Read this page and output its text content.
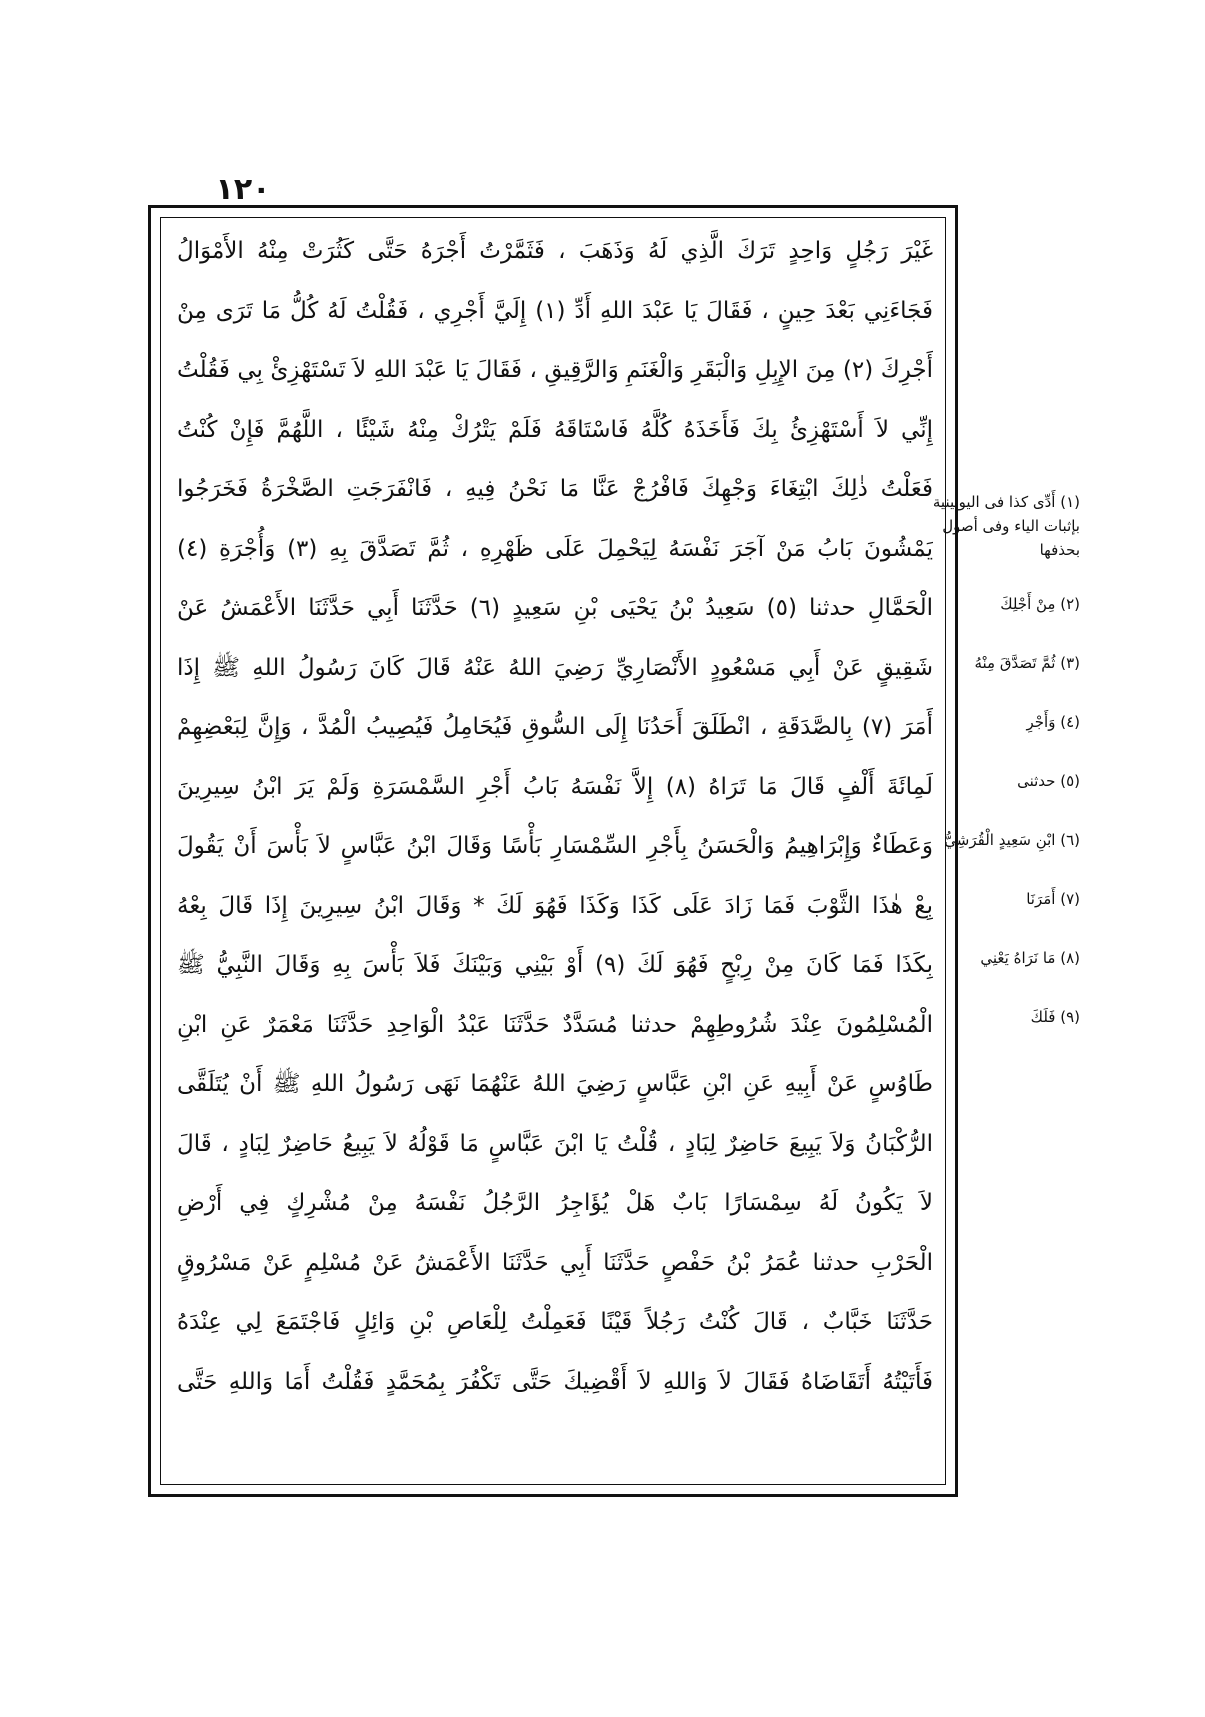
١٢٠
غَيْرَ رَجُلٍ وَاحِدٍ تَرَكَ الَّذِي لَهُ وَذَهَبَ ، فَثَمَّرْتُ أَجْرَهُ حَتَّى كَثُرَتْ مِنْهُ الأَمْوَالُ
فَجَاءَنِي بَعْدَ حِينٍ ، فَقَالَ يَا عَبْدَ اللهِ أَدِّ (١) إِلَيَّ أَجْرِي ، فَقُلْتُ لَهُ كُلُّ مَا تَرَى مِنْ
أَجْرِكَ (٢) مِنَ الإِبِلِ وَالْبَقَرِ وَالْغَنَمِ وَالرَّقِيقِ ، فَقَالَ يَا عَبْدَ اللهِ لاَ تَسْتَهْزِئْ بِي فَقُلْتُ
إِنِّي لاَ أَسْتَهْزِئُ بِكَ فَأَخَذَهُ كُلَّهُ فَاسْتَاقَهُ فَلَمْ يَتْرُكْ مِنْهُ شَيْئًا ، اللَّهُمَّ فَإِنْ كُنْتُ
فَعَلْتُ ذٰلِكَ ابْتِغَاءَ وَجْهِكَ فَافْرُجْ عَنَّا مَا نَحْنُ فِيهِ ، فَانْفَرَجَتِ الصَّخْرَةُ فَخَرَجُوا
يَمْشُونَ بَابُ مَنْ آجَرَ نَفْسَهُ لِيَحْمِلَ عَلَى ظَهْرِهِ ، ثُمَّ تَصَدَّقَ بِهِ (٣) وَأُجْرَةِ (٤)
الْحَمَّالِ حدثنا (٥) سَعِيدُ بْنُ يَحْيَى بْنِ سَعِيدٍ (٦) حَدَّثَنَا أَبِي حَدَّثَنَا الأَعْمَشُ عَنْ
شَقِيقٍ عَنْ أَبِي مَسْعُودٍ الأَنْصَارِيِّ رَضِيَ اللهُ عَنْهُ قَالَ كَانَ رَسُولُ اللهِ ﷺ إِذَا
أَمَرَ (٧) بِالصَّدَقَةِ ، انْطَلَقَ أَحَدُنَا إِلَى السُّوقِ فَيُحَامِلُ فَيُصِيبُ الْمُدَّ ، وَإِنَّ لِبَعْضِهِمْ
لَمِائَةَ أَلْفٍ قَالَ مَا تَرَاهُ (٨) إِلاَّ نَفْسَهُ بَابُ أَجْرِ السَّمْسَرَةِ وَلَمْ يَرَ ابْنُ سِيرِينَ
وَعَطَاءٌ وَإِبْرَاهِيمُ وَالْحَسَنُ بِأَجْرِ السِّمْسَارِ بَأْسًا وَقَالَ ابْنُ عَبَّاسٍ لاَ بَأْسَ أَنْ يَقُولَ
بِعْ هٰذَا الثَّوْبَ فَمَا زَادَ عَلَى كَذَا وَكَذَا فَهُوَ لَكَ * وَقَالَ ابْنُ سِيرِينَ إِذَا قَالَ بِعْهُ
بِكَذَا فَمَا كَانَ مِنْ رِبْحٍ فَهُوَ لَكَ (٩) أَوْ بَيْنِي وَبَيْنَكَ فَلاَ بَأْسَ بِهِ وَقَالَ النَّبِيُّ ﷺ
الْمُسْلِمُونَ عِنْدَ شُرُوطِهِمْ حدثنا مُسَدَّدٌ حَدَّثَنَا عَبْدُ الْوَاحِدِ حَدَّثَنَا مَعْمَرٌ عَنِ ابْنِ
طَاوُسٍ عَنْ أَبِيهِ عَنِ ابْنِ عَبَّاسٍ رَضِيَ اللهُ عَنْهُمَا نَهَى رَسُولُ اللهِ ﷺ أَنْ يُتَلَقَّى
الرُّكْبَانُ وَلاَ يَبِيعَ حَاضِرٌ لِبَادٍ ، قُلْتُ يَا ابْنَ عَبَّاسٍ مَا قَوْلُهُ لاَ يَبِيعُ حَاضِرٌ لِبَادٍ ، قَالَ
لاَ يَكُونُ لَهُ سِمْسَارًا بَابٌ هَلْ يُؤَاجِرُ الرَّجُلُ نَفْسَهُ مِنْ مُشْرِكٍ فِي أَرْضِ
الْحَرْبِ حدثنا عُمَرُ بْنُ حَفْصٍ حَدَّثَنَا أَبِي حَدَّثَنَا الأَعْمَشُ عَنْ مُسْلِمٍ عَنْ مَسْرُوقٍ
حَدَّثَنَا خَبَّابٌ ، قَالَ كُنْتُ رَجُلاً قَيْنًا فَعَمِلْتُ لِلْعَاصِ بْنِ وَائِلٍ فَاجْتَمَعَ لِي عِنْدَهُ
فَأَتَيْتُهُ أَتَقَاضَاهُ فَقَالَ لاَ وَاللهِ لاَ أَقْضِيكَ حَتَّى تَكْفُرَ بِمُحَمَّدٍ فَقُلْتُ أَمَا وَاللهِ حَتَّى
(١) أَدِّى كذا فى اليونينية بإثبات الياء وفى أصول بحذفها
(٢) مِنْ أَجْلِكَ
(٣) ثُمَّ تَصَدَّقَ مِنْهُ
(٤) وَأَجْرِ
(٥) حدثنى
(٦) ابْنِ سَعِيدٍ الْقُرَشِيُّ
(٧) أَمَرَنَا
(٨) مَا نَرَاهُ يَعْنِي
(٩) فَلَكَ
